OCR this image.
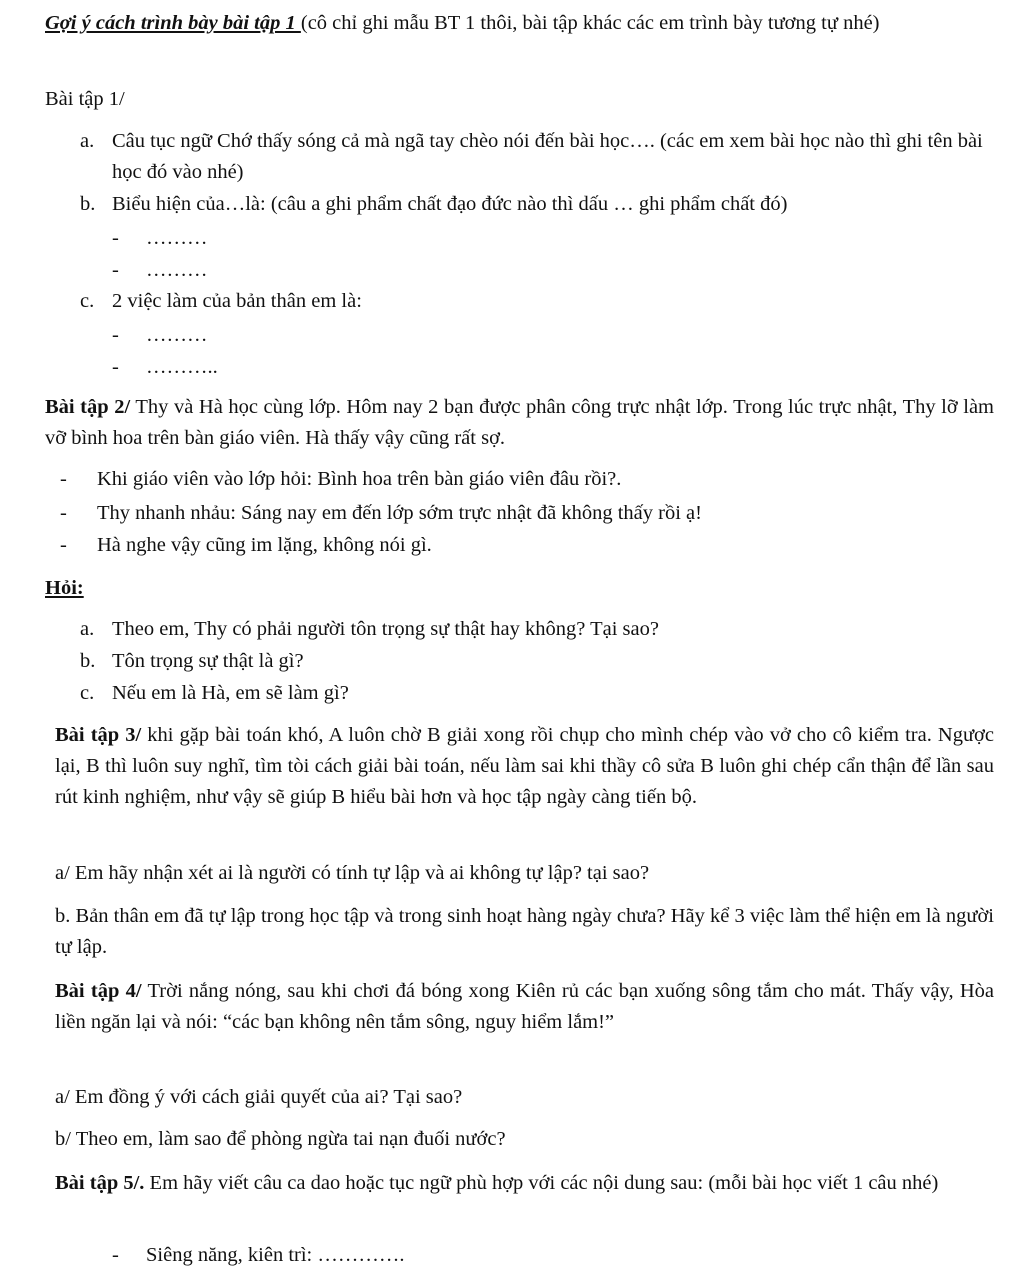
Gợi ý cách trình bày bài tập 1 (cô chỉ ghi mẫu BT 1 thôi, bài tập khác các em trình bày tương tự nhé)

Bài tập 1/

a. Câu tục ngữ Chớ thấy sóng cả mà ngã tay chèo nói đến bài học…. (các em xem bài học nào thì ghi tên bài học đó vào nhé)
b. Biểu hiện của…là: (câu a ghi phẩm chất đạo đức nào thì dấu … ghi phẩm chất đó)
-	………
-	………
c. 2 việc làm của bản thân em là:
-	………
-	………..

Bài tập 2/ Thy và Hà học cùng lớp. Hôm nay 2 bạn được phân công trực nhật lớp. Trong lúc trực nhật, Thy lỡ làm vỡ bình hoa trên bàn giáo viên. Hà thấy vậy cũng rất sợ.

-	Khi giáo viên vào lớp hỏi: Bình hoa trên bàn giáo viên đâu rồi?.
-	Thy nhanh nhảu: Sáng nay em đến lớp sớm trực nhật đã không thấy rồi ạ!
-	Hà nghe vậy cũng im lặng, không nói gì.

Hỏi:

a. Theo em, Thy có phải người tôn trọng sự thật hay không? Tại sao?
b. Tôn trọng sự thật là gì?
c. Nếu em là Hà, em sẽ làm gì?

Bài tập 3/ khi gặp bài toán khó, A luôn chờ B giải xong rồi chụp cho mình chép vào vở cho cô kiểm tra. Ngược lại, B thì luôn suy nghĩ, tìm tòi cách giải bài toán, nếu làm sai khi thầy cô sửa B luôn ghi chép cẩn thận để lần sau rút kinh nghiệm, như vậy sẽ giúp B hiểu bài hơn và học tập ngày càng tiến bộ.

a/ Em hãy nhận xét ai là người có tính tự lập và ai không tự lập? tại sao?

b. Bản thân em đã tự lập trong học tập và trong sinh hoạt hàng ngày chưa? Hãy kể 3 việc làm thể hiện em là người tự lập.

Bài tập 4/ Trời nắng nóng, sau khi chơi đá bóng xong Kiên rủ các bạn xuống sông tắm cho mát. Thấy vậy, Hòa liền ngăn lại và nói: “các bạn không nên tắm sông, nguy hiểm lắm!”

a/ Em đồng ý với cách giải quyết của ai? Tại sao?

b/ Theo em, làm sao để phòng ngừa tai nạn đuối nước?

Bài tập 5/. Em hãy viết câu ca dao hoặc tục ngữ phù hợp với các nội dung sau: (mỗi bài học viết 1 câu nhé)

-	Siêng năng, kiên trì: ………….
